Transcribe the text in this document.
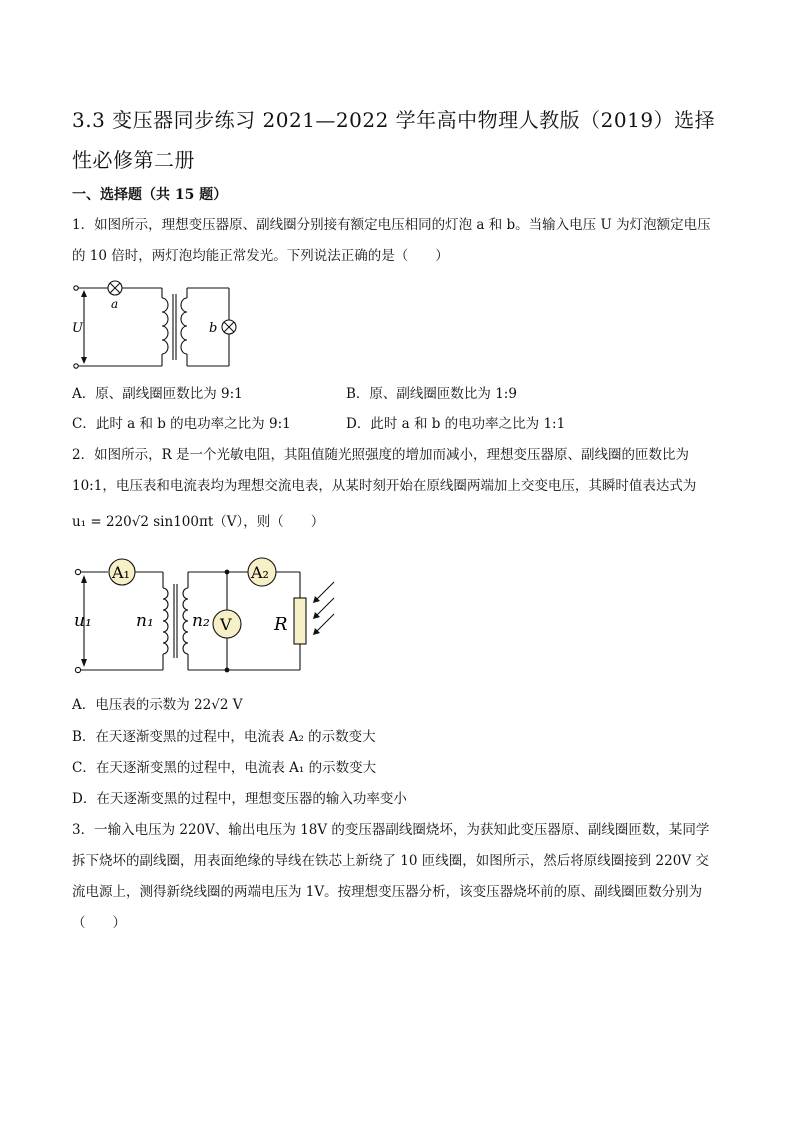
3.3 变压器同步练习 2021—2022 学年高中物理人教版（2019）选择性必修第二册
一、选择题（共 15 题）
1．如图所示，理想变压器原、副线圈分别接有额定电压相同的灯泡 a 和 b。当输入电压 U 为灯泡额定电压的 10 倍时，两灯泡均能正常发光。下列说法正确的是（　　）
a
b
U
A．原、副线圈匝数比为 9:1	B．原、副线圈匝数比为 1:9
C．此时 a 和 b 的电功率之比为 9:1	D．此时 a 和 b 的电功率之比为 1:1
2．如图所示，R 是一个光敏电阻，其阻值随光照强度的增加而减小，理想变压器原、副线圈的匝数比为 10:1，电压表和电流表均为理想交流电表，从某时刻开始在原线圈两端加上交变电压，其瞬时值表达式为
u₁ = 220√2 sin100πt（V），则（　　）
A₁	A₂
V
u₁	n₁ n₂	R
A．电压表的示数为 22√2 V
B．在天逐渐变黑的过程中，电流表 A₂ 的示数变大
C．在天逐渐变黑的过程中，电流表 A₁ 的示数变大
D．在天逐渐变黑的过程中，理想变压器的输入功率变小
3．一输入电压为 220V、输出电压为 18V 的变压器副线圈烧坏，为获知此变压器原、副线圈匝数，某同学拆下烧坏的副线圈，用表面绝缘的导线在铁芯上新绕了 10 匝线圈，如图所示，然后将原线圈接到 220V 交流电源上，测得新绕线圈的两端电压为 1V。按理想变压器分析，该变压器烧坏前的原、副线圈匝数分别为（　　）
